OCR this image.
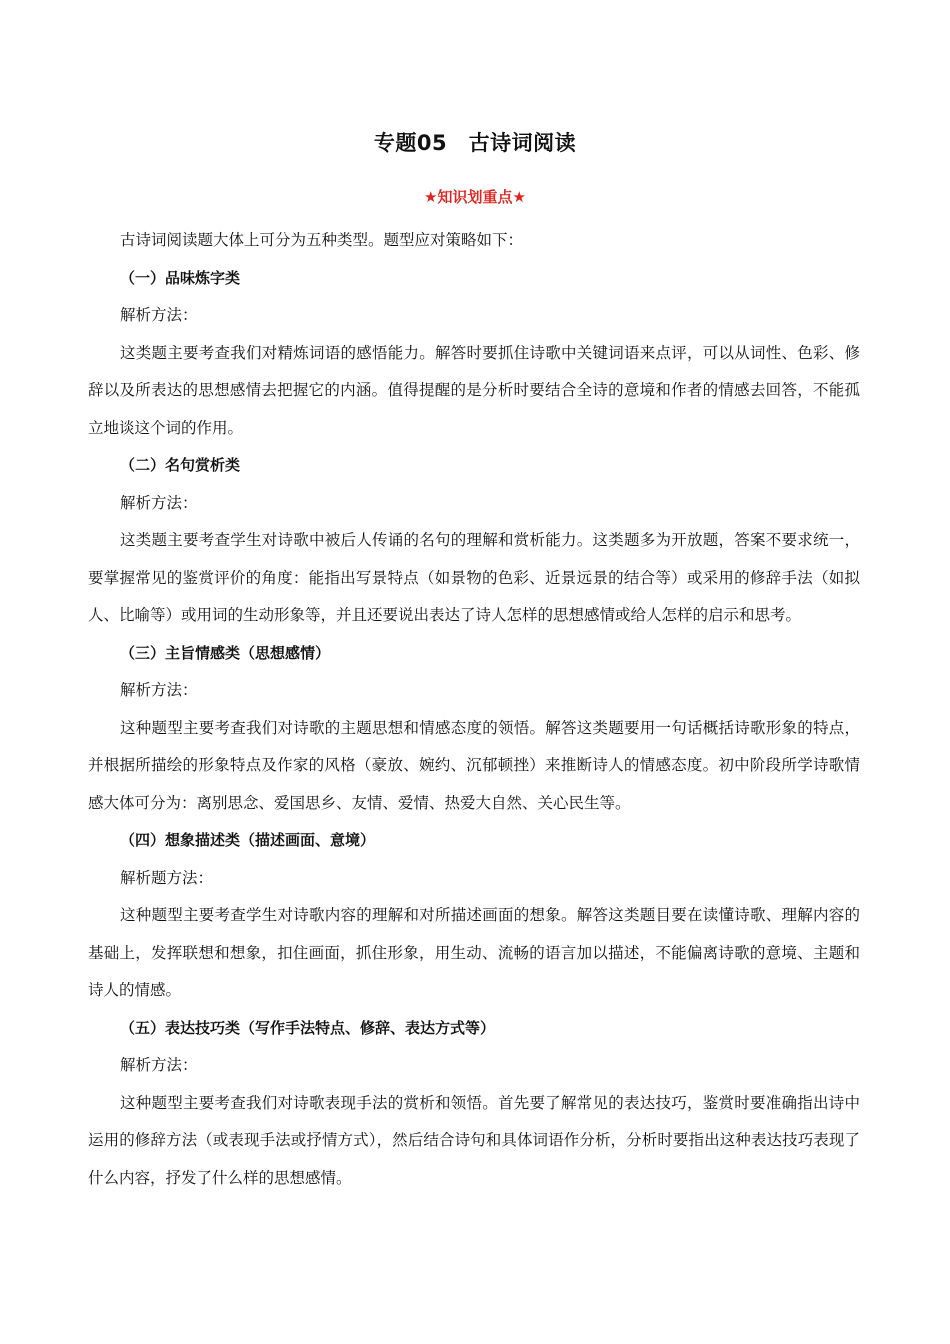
专题05　古诗词阅读
★知识划重点★

古诗词阅读题大体上可分为五种类型。题型应对策略如下：

（一）品味炼字类

解析方法：

这类题主要考查我们对精炼词语的感悟能力。解答时要抓住诗歌中关键词语来点评，可以从词性、色彩、修辞以及所表达的思想感情去把握它的内涵。值得提醒的是分析时要结合全诗的意境和作者的情感去回答，不能孤立地谈这个词的作用。

（二）名句赏析类

解析方法：

这类题主要考查学生对诗歌中被后人传诵的名句的理解和赏析能力。这类题多为开放题，答案不要求统一，要掌握常见的鉴赏评价的角度：能指出写景特点（如景物的色彩、近景远景的结合等）或采用的修辞手法（如拟人、比喻等）或用词的生动形象等，并且还要说出表达了诗人怎样的思想感情或给人怎样的启示和思考。

（三）主旨情感类（思想感情）

解析方法：

这种题型主要考查我们对诗歌的主题思想和情感态度的领悟。解答这类题要用一句话概括诗歌形象的特点，并根据所描绘的形象特点及作家的风格（豪放、婉约、沉郁顿挫）来推断诗人的情感态度。初中阶段所学诗歌情感大体可分为：离别思念、爱国思乡、友情、爱情、热爱大自然、关心民生等。

（四）想象描述类（描述画面、意境）

解析题方法：

这种题型主要考查学生对诗歌内容的理解和对所描述画面的想象。解答这类题目要在读懂诗歌、理解内容的基础上，发挥联想和想象，扣住画面，抓住形象，用生动、流畅的语言加以描述，不能偏离诗歌的意境、主题和诗人的情感。

（五）表达技巧类（写作手法特点、修辞、表达方式等）

解析方法：

这种题型主要考查我们对诗歌表现手法的赏析和领悟。首先要了解常见的表达技巧，鉴赏时要准确指出诗中运用的修辞方法（或表现手法或抒情方式），然后结合诗句和具体词语作分析，分析时要指出这种表达技巧表现了什么内容，抒发了什么样的思想感情。
